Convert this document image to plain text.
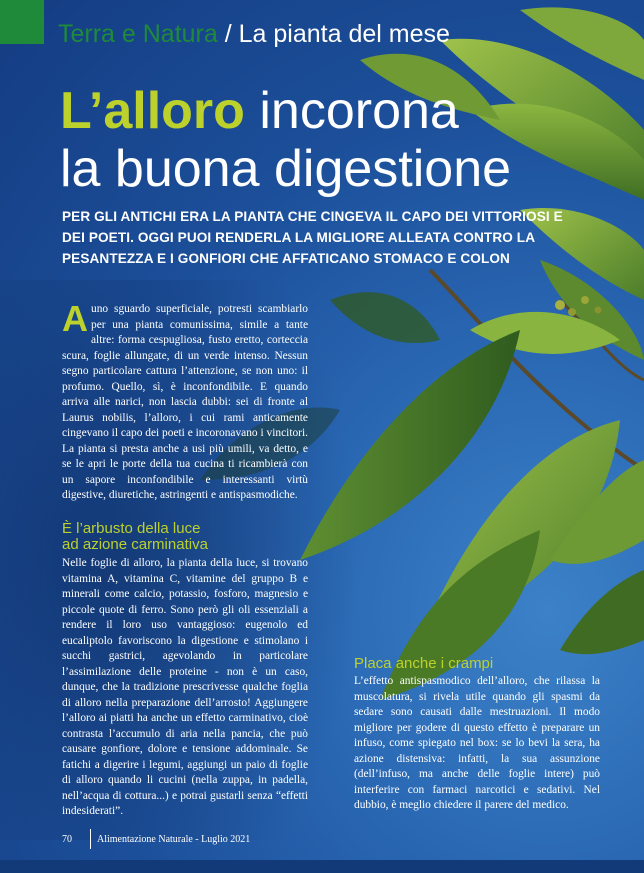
Terra e Natura / La pianta del mese
L’alloro incorona
la buona digestione
PER GLI ANTICHI ERA LA PIANTA CHE CINGEVA IL CAPO DEI VITTORIOSI E DEI POETI. OGGI PUOI RENDERLA LA MIGLIORE ALLEATA CONTRO LA PESANTEZZA E I GONFIORI CHE AFFATICANO STOMACO E COLON
A uno sguardo superficiale, potresti scambiarlo per una pianta comunissima, simile a tante altre: forma cespugliosa, fusto eretto, corteccia scura, foglie allungate, di un verde intenso. Nessun segno particolare cattura l’attenzione, se non uno: il profumo. Quello, sì, è inconfondibile. E quando arriva alle narici, non lascia dubbi: sei di fronte al Laurus nobilis, l’alloro, i cui rami anticamente cingevano il capo dei poeti e incoronavano i vincitori. La pianta si presta anche a usi più umili, va detto, e se le apri le porte della tua cucina ti ricambierà con un sapore inconfondibile e interessanti virtù digestive, diuretiche, astringenti e antispasmodiche.
È l’arbusto della luce
ad azione carminativa
Nelle foglie di alloro, la pianta della luce, si trovano vitamina A, vitamina C, vitamine del gruppo B e minerali come calcio, potassio, fosforo, magnesio e piccole quote di ferro. Sono però gli oli essenziali a rendere il loro uso vantaggioso: eugenolo ed eucaliptolo favoriscono la digestione e stimolano i succhi gastrici, agevolando in particolare l’assimilazione delle proteine - non è un caso, dunque, che la tradizione prescrivesse qualche foglia di alloro nella preparazione dell’arrosto! Aggiungere l’alloro ai piatti ha anche un effetto carminativo, cioè contrasta l’accumulo di aria nella pancia, che può causare gonfiore, dolore e tensione addominale. Se fatichi a digerire i legumi, aggiungi un paio di foglie di alloro quando li cucini (nella zuppa, in padella, nell’acqua di cottura...) e potrai gustarli senza “effetti indesiderati”.
Placa anche i crampi
L’effetto antispasmodico dell’alloro, che rilassa la muscolatura, si rivela utile quando gli spasmi da sedare sono causati dalle mestruazioni. Il modo migliore per godere di questo effetto è preparare un infuso, come spiegato nel box: se lo bevi la sera, ha azione distensiva: infatti, la sua assunzione (dell’infuso, ma anche delle foglie intere) può interferire con farmaci narcotici e sedativi. Nel dubbio, è meglio chiedere il parere del medico.
70	Alimentazione Naturale - Luglio 2021
